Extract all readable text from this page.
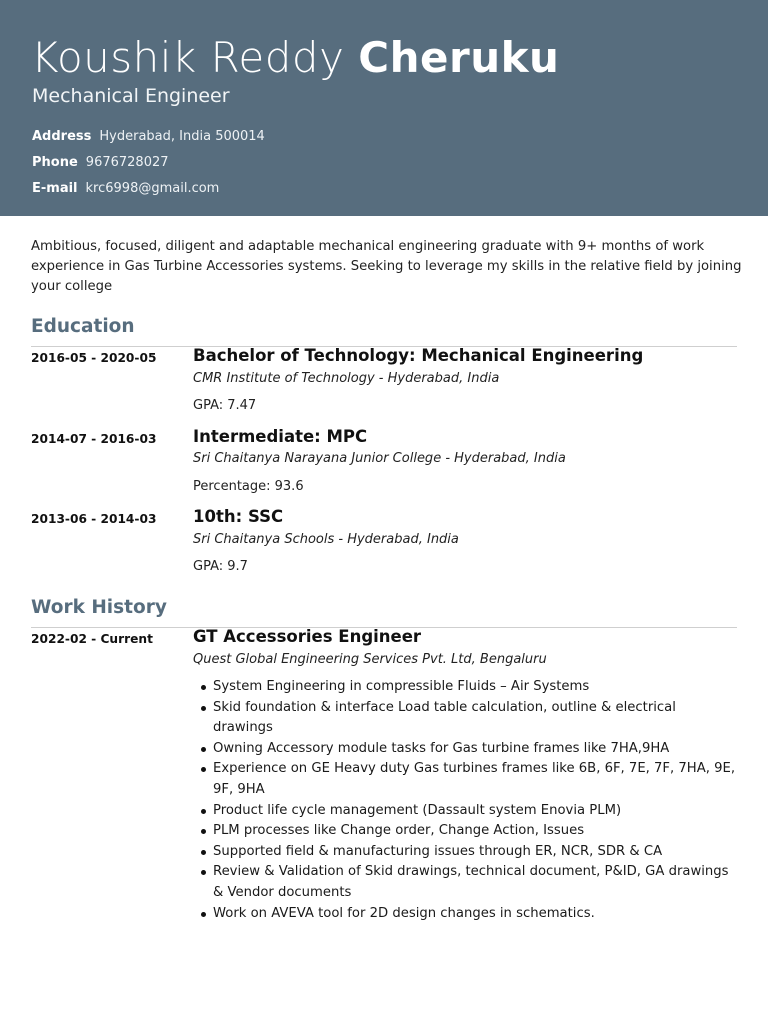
Koushik Reddy Cheruku
Mechanical Engineer
Address Hyderabad, India 500014
Phone 9676728027
E-mail krc6998@gmail.com
Ambitious, focused, diligent and adaptable mechanical engineering graduate with 9+ months of work experience in Gas Turbine Accessories systems. Seeking to leverage my skills in the relative field by joining your college
Education
2016-05 - 2020-05 Bachelor of Technology: Mechanical Engineering
CMR Institute of Technology - Hyderabad, India
GPA: 7.47
2014-07 - 2016-03 Intermediate: MPC
Sri Chaitanya Narayana Junior College - Hyderabad, India
Percentage: 93.6
2013-06 - 2014-03 10th: SSC
Sri Chaitanya Schools - Hyderabad, India
GPA: 9.7
Work History
2022-02 - Current GT Accessories Engineer
Quest Global Engineering Services Pvt. Ltd, Bengaluru
System Engineering in compressible Fluids – Air Systems
Skid foundation & interface Load table calculation, outline & electrical drawings
Owning Accessory module tasks for Gas turbine frames like 7HA,9HA
Experience on GE Heavy duty Gas turbines frames like 6B, 6F, 7E, 7F, 7HA, 9E, 9F, 9HA
Product life cycle management (Dassault system Enovia PLM)
PLM processes like Change order, Change Action, Issues
Supported field & manufacturing issues through ER, NCR, SDR & CA
Review & Validation of Skid drawings, technical document, P&ID, GA drawings & Vendor documents
Work on AVEVA tool for 2D design changes in schematics.
